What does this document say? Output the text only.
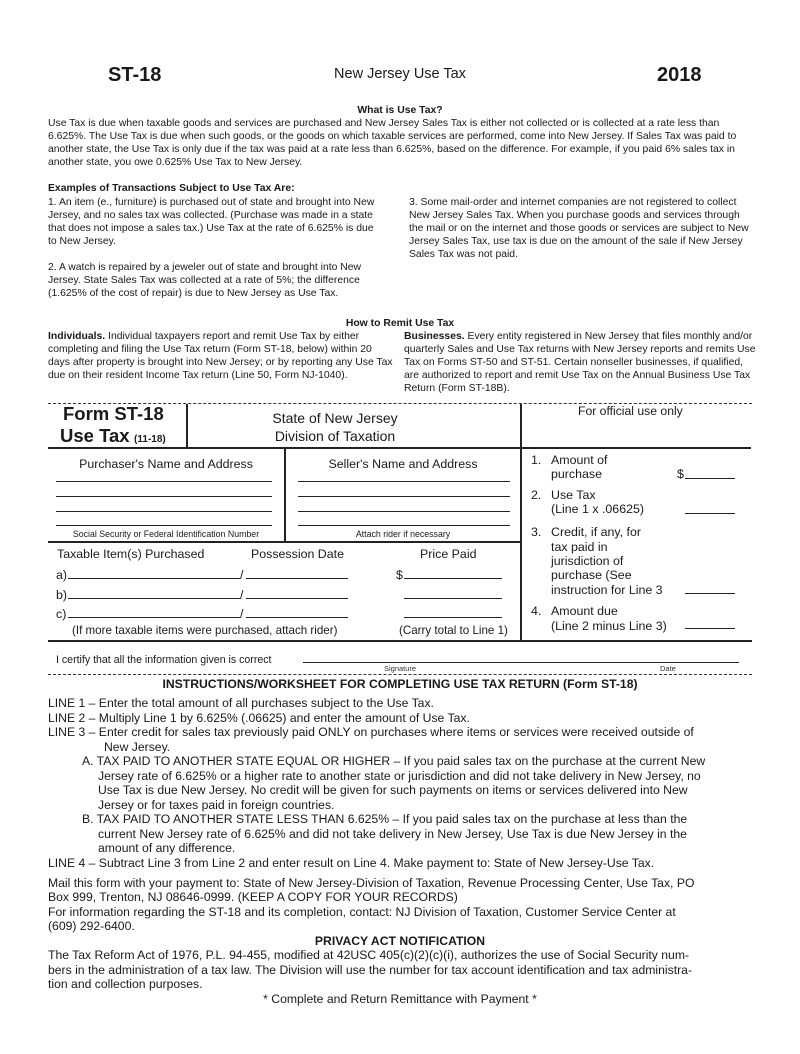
ST-18	New Jersey Use Tax	2018
What is Use Tax?
Use Tax is due when taxable goods and services are purchased and New Jersey Sales Tax is either not collected or is collected at a rate less than 6.625%. The Use Tax is due when such goods, or the goods on which taxable services are performed, come into New Jersey. If Sales Tax was paid to another state, the Use Tax is only due if the tax was paid at a rate less than 6.625%, based on the difference. For example, if you paid 6% sales tax in another state, you owe 0.625% Use Tax to New Jersey.
Examples of Transactions Subject to Use Tax Are:
1. An item (e., furniture) is purchased out of state and brought into New Jersey, and no sales tax was collected. (Purchase was made in a state that does not impose a sales tax.) Use Tax at the rate of 6.625% is due to New Jersey.
2. A watch is repaired by a jeweler out of state and brought into New Jersey. State Sales Tax was collected at a rate of 5%; the difference (1.625% of the cost of repair) is due to New Jersey as Use Tax.
3. Some mail-order and internet companies are not registered to collect New Jersey Sales Tax. When you purchase goods and services through the mail or on the internet and those goods or services are subject to New Jersey Sales Tax, use tax is due on the amount of the sale if New Jersey Sales Tax was not paid.
How to Remit Use Tax
Individuals. Individual taxpayers report and remit Use Tax by either completing and filing the Use Tax return (Form ST-18, below) within 20 days after property is brought into New Jersey; or by reporting any Use Tax due on their resident Income Tax return (Line 50, Form NJ-1040).
Businesses. Every entity registered in New Jersey that files monthly and/or quarterly Sales and Use Tax returns with New Jersey reports and remits Use Tax on Forms ST-50 and ST-51. Certain nonseller businesses, if qualified, are authorized to report and remit Use Tax on the Annual Business Use Tax Return (Form ST-18B).
Form ST-18
Use Tax (11-18)
State of New Jersey
Division of Taxation
For official use only
Purchaser's Name and Address	Seller's Name and Address
Social Security or Federal Identification Number	Attach rider if necessary
Taxable Item(s) Purchased	Possession Date	Price Paid
a)	/	$
b)	/
c)	/
(If more taxable items were purchased, attach rider)	(Carry total to Line 1)
1. Amount of
purchase	$
2. Use Tax
(Line 1 x .06625)
3. Credit, if any, for
tax paid in
jurisdiction of
purchase (See
instruction for Line 3
4. Amount due
(Line 2 minus Line 3)
I certify that all the information given is correct
Signature	Date
INSTRUCTIONS/WORKSHEET FOR COMPLETING USE TAX RETURN (Form ST-18)
LINE 1 – Enter the total amount of all purchases subject to the Use Tax.
LINE 2 – Multiply Line 1 by 6.625% (.06625) and enter the amount of Use Tax.
LINE 3 – Enter credit for sales tax previously paid ONLY on purchases where items or services were received outside of
New Jersey.
A. TAX PAID TO ANOTHER STATE EQUAL OR HIGHER – If you paid sales tax on the purchase at the current New
Jersey rate of 6.625% or a higher rate to another state or jurisdiction and did not take delivery in New Jersey, no
Use Tax is due New Jersey. No credit will be given for such payments on items or services delivered into New
Jersey or for taxes paid in foreign countries.
B. TAX PAID TO ANOTHER STATE LESS THAN 6.625% – If you paid sales tax on the purchase at less than the
current New Jersey rate of 6.625% and did not take delivery in New Jersey, Use Tax is due New Jersey in the
amount of any difference.
LINE 4 – Subtract Line 3 from Line 2 and enter result on Line 4. Make payment to: State of New Jersey-Use Tax.
Mail this form with your payment to: State of New Jersey-Division of Taxation, Revenue Processing Center, Use Tax, PO
Box 999, Trenton, NJ 08646-0999. (KEEP A COPY FOR YOUR RECORDS)
For information regarding the ST-18 and its completion, contact: NJ Division of Taxation, Customer Service Center at
(609) 292-6400.
PRIVACY ACT NOTIFICATION
The Tax Reform Act of 1976, P.L. 94-455, modified at 42USC 405(c)(2)(c)(i), authorizes the use of Social Security num-
bers in the administration of a tax law. The Division will use the number for tax account identification and tax administra-
tion and collection purposes.
* Complete and Return Remittance with Payment *
